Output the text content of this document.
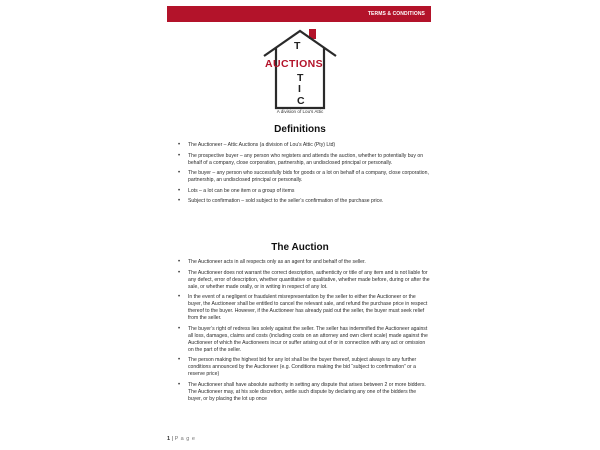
TERMS & CONDITIONS
T
AUCTIONS
T
I
C
A division of Lou's Attic
Definitions
• The Auctioneer – Attic Auctions (a division of Lou’s Attic (Pty) Ltd)
• The prospective buyer – any person who registers and attends the auction, whether to potentially buy on behalf of a company, close corporation, partnership, an undisclosed principal or personally.
• The buyer – any person who successfully bids for goods or a lot on behalf of a company, close corporation, partnership, an undisclosed principal or personally.
• Lots – a lot can be one item or a group of items
• Subject to confirmation – sold subject to the seller’s confirmation of the purchase price.
The Auction
• The Auctioneer acts in all respects only as an agent for and behalf of the seller.
• The Auctioneer does not warrant the correct description, authenticity or title of any item and is not liable for any defect, error of description, whether quantitative or qualitative, whether made before, during or after the sale, or whether made orally, or in writing in respect of any lot.
• In the event of a negligent or fraudulent misrepresentation by the seller to either the Auctioneer or the buyer, the Auctioneer shall be entitled to cancel the relevant sale, and refund the purchase price in respect thereof to the buyer. However, if the Auctioneer has already paid out the seller, the buyer must seek relief from the seller.
• The buyer’s right of redress lies solely against the seller. The seller has indemnified the Auctioneer against all loss, damages, claims and costs (including costs on an attorney and own client scale) made against the Auctioneer of which the Auctioneers incur or suffer arising out of or in connection with any act or omission on the part of the seller.
• The person making the highest bid for any lot shall be the buyer thereof, subject always to any further conditions announced by the Auctioneer (e.g. Conditions making the bid “subject to confirmation” or a reserve price)
• The Auctioneer shall have absolute authority in setting any dispute that arises between 2 or more bidders. The Auctioneer may, at his sole discretion, settle such dispute by declaring any one of the bidders the buyer, or by placing the lot up once
1 | P a g e
